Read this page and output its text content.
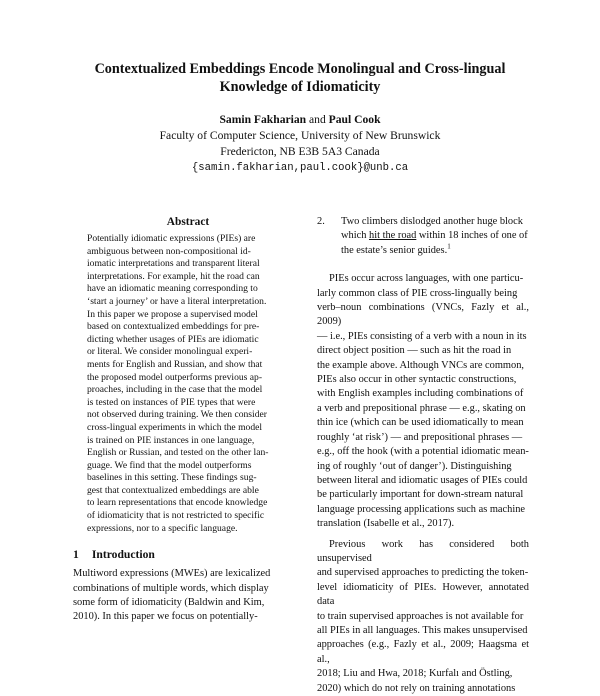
Contextualized Embeddings Encode Monolingual and Cross-lingual
Knowledge of Idiomaticity
Samin Fakharian and Paul Cook
Faculty of Computer Science, University of New Brunswick
Fredericton, NB E3B 5A3 Canada
{samin.fakharian,paul.cook}@unb.ca
Abstract
Potentially idiomatic expressions (PIEs) are
ambiguous between non-compositional id-
iomatic interpretations and transparent literal
interpretations. For example, hit the road can
have an idiomatic meaning corresponding to
‘start a journey’ or have a literal interpretation.
In this paper we propose a supervised model
based on contextualized embeddings for pre-
dicting whether usages of PIEs are idiomatic
or literal. We consider monolingual experi-
ments for English and Russian, and show that
the proposed model outperforms previous ap-
proaches, including in the case that the model
is tested on instances of PIE types that were
not observed during training. We then consider
cross-lingual experiments in which the model
is trained on PIE instances in one language,
English or Russian, and tested on the other lan-
guage. We find that the model outperforms
baselines in this setting. These findings sug-
gest that contextualized embeddings are able
to learn representations that encode knowledge
of idiomaticity that is not restricted to specific
expressions, nor to a specific language.
1 Introduction
Multiword expressions (MWEs) are lexicalized
combinations of multiple words, which display
some form of idiomaticity (Baldwin and Kim,
2010). In this paper we focus on potentially-
2.	Two climbers dislodged another huge block
which hit the road within 18 inches of one of
the estate’s senior guides.$^1$
PIEs occur across languages, with one particu-
larly common class of PIE cross-lingually being
verb–noun combinations (VNCs, Fazly et al., 2009)
— i.e., PIEs consisting of a verb with a noun in its
direct object position — such as hit the road in
the example above. Although VNCs are common,
PIEs also occur in other syntactic constructions,
with English examples including combinations of
a verb and prepositional phrase — e.g., skating on
thin ice (which can be used idiomatically to mean
roughly ‘at risk’) — and prepositional phrases —
e.g., off the hook (with a potential idiomatic mean-
ing of roughly ‘out of danger’). Distinguishing
between literal and idiomatic usages of PIEs could
be particularly important for down-stream natural
language processing applications such as machine
translation (Isabelle et al., 2017).
Previous work has considered both unsupervised
and supervised approaches to predicting the token-
level idiomaticity of PIEs. However, annotated data
to train supervised approaches is not available for
all PIEs in all languages. This makes unsupervised
approaches (e.g., Fazly et al., 2009; Haagsma et al.,
2018; Liu and Hwa, 2018; Kurfalı and Östling,
2020) which do not rely on training annotations
